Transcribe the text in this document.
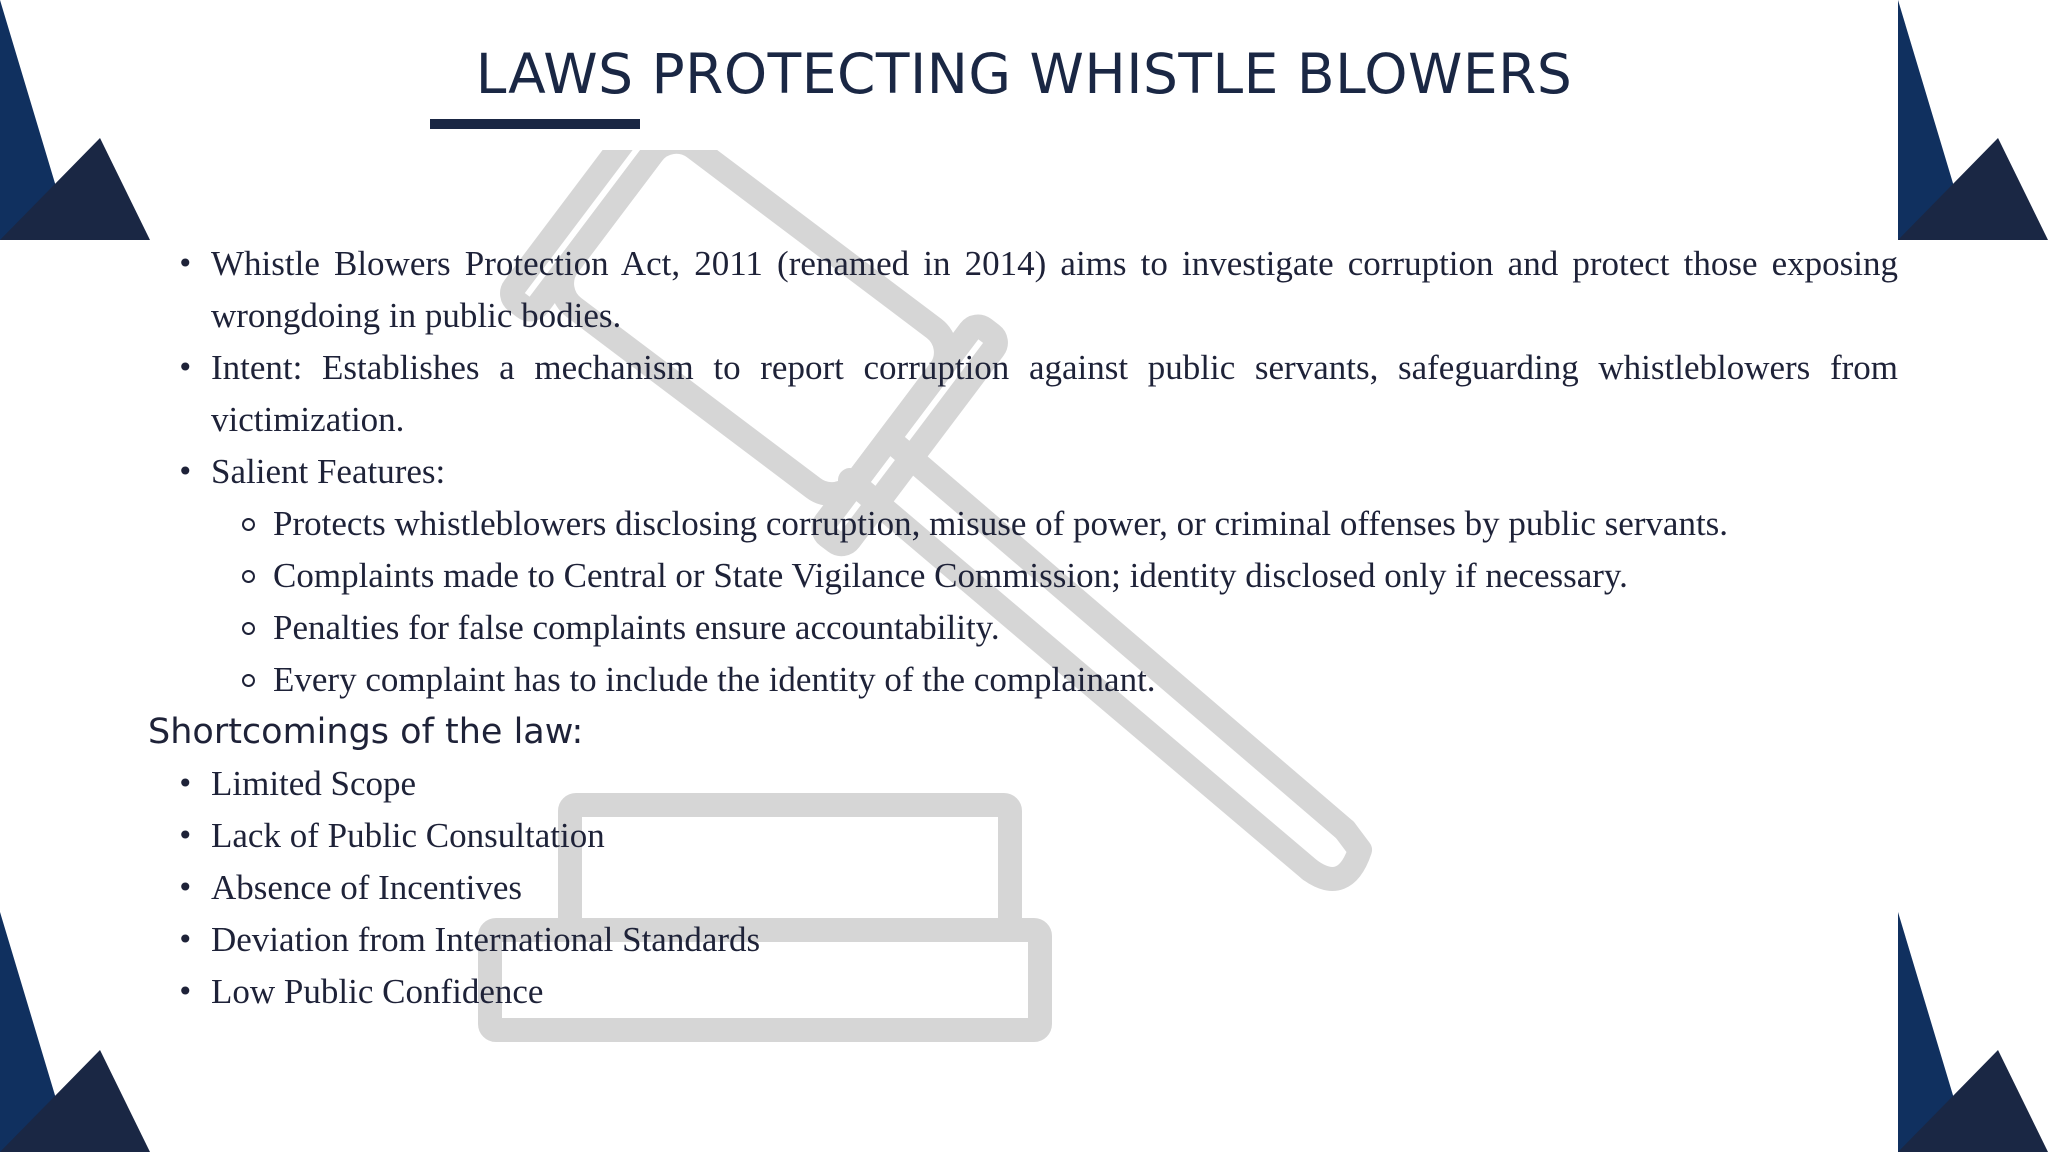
LAWS PROTECTING WHISTLE BLOWERS
• Whistle Blowers Protection Act, 2011 (renamed in 2014) aims to investigate corruption and protect those exposing wrongdoing in public bodies.
• Intent: Establishes a mechanism to report corruption against public servants, safeguarding whistleblowers from victimization.
• Salient Features:
Protects whistleblowers disclosing corruption, misuse of power, or criminal offenses by public servants.
Complaints made to Central or State Vigilance Commission; identity disclosed only if necessary.
Penalties for false complaints ensure accountability.
Every complaint has to include the identity of the complainant.
Shortcomings of the law:
• Limited Scope
• Lack of Public Consultation
• Absence of Incentives
• Deviation from International Standards
• Low Public Confidence
